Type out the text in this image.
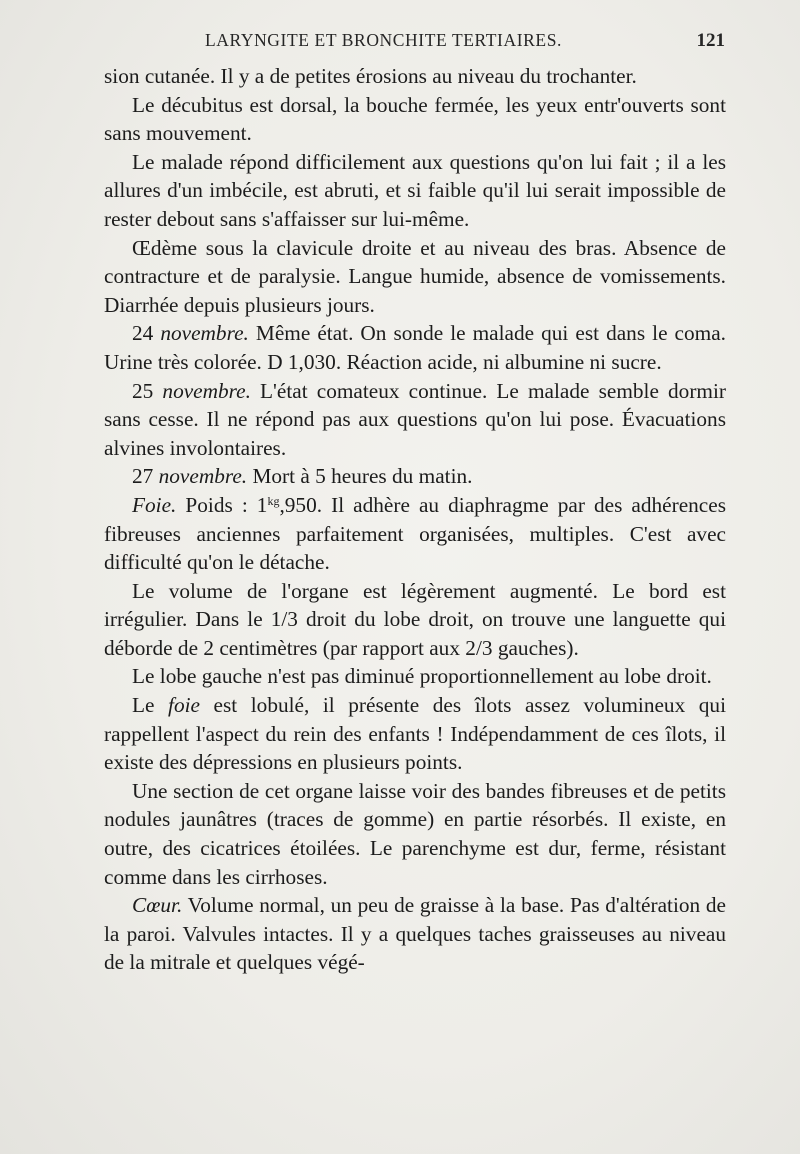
LARYNGITE ET BRONCHITE TERTIAIRES.	121

sion cutanée. Il y a de petites érosions au niveau du trochanter.

Le décubitus est dorsal, la bouche fermée, les yeux entr'ouverts sont sans mouvement.

Le malade répond difficilement aux questions qu'on lui fait ; il a les allures d'un imbécile, est abruti, et si faible qu'il lui serait impossible de rester debout sans s'affaisser sur lui-même.

Œdème sous la clavicule droite et au niveau des bras. Absence de contracture et de paralysie. Langue humide, absence de vomissements. Diarrhée depuis plusieurs jours.

24 novembre. Même état. On sonde le malade qui est dans le coma. Urine très colorée. D 1,030. Réaction acide, ni albumine ni sucre.

25 novembre. L'état comateux continue. Le malade semble dormir sans cesse. Il ne répond pas aux questions qu'on lui pose. Évacuations alvines involontaires.

27 novembre. Mort à 5 heures du matin.

Foie. Poids : $1^{kg},950$. Il adhère au diaphragme par des adhérences fibreuses anciennes parfaitement organisées, multiples. C'est avec difficulté qu'on le détache.

Le volume de l'organe est légèrement augmenté. Le bord est irrégulier. Dans le 1/3 droit du lobe droit, on trouve une languette qui déborde de 2 centimètres (par rapport aux 2/3 gauches).

Le lobe gauche n'est pas diminué proportionnellement au lobe droit.

Le foie est lobulé, il présente des îlots assez volumineux qui rappellent l'aspect du rein des enfants ! Indépendamment de ces îlots, il existe des dépressions en plusieurs points.

Une section de cet organe laisse voir des bandes fibreuses et de petits nodules jaunâtres (traces de gomme) en partie résorbés. Il existe, en outre, des cicatrices étoilées. Le parenchyme est dur, ferme, résistant comme dans les cirrhoses.

Cœur. Volume normal, un peu de graisse à la base. Pas d'altération de la paroi. Valvules intactes. Il y a quelques taches graisseuses au niveau de la mitrale et quelques végé-
